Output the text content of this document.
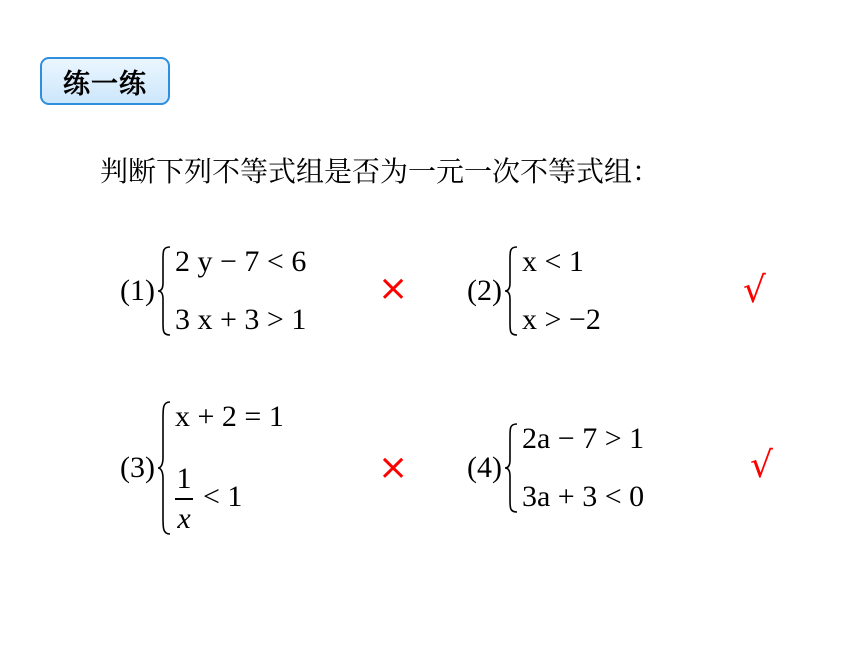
练一练
判断下列不等式组是否为一元一次不等式组：
(1)
2 y − 7 < 6
3 x + 3 > 1
× (2)
x < 1
x > −2
√
(3)
x + 2 = 1
$\frac{1}{x} < 1$
× (4)
2a − 7 > 1
3a + 3 < 0
√
